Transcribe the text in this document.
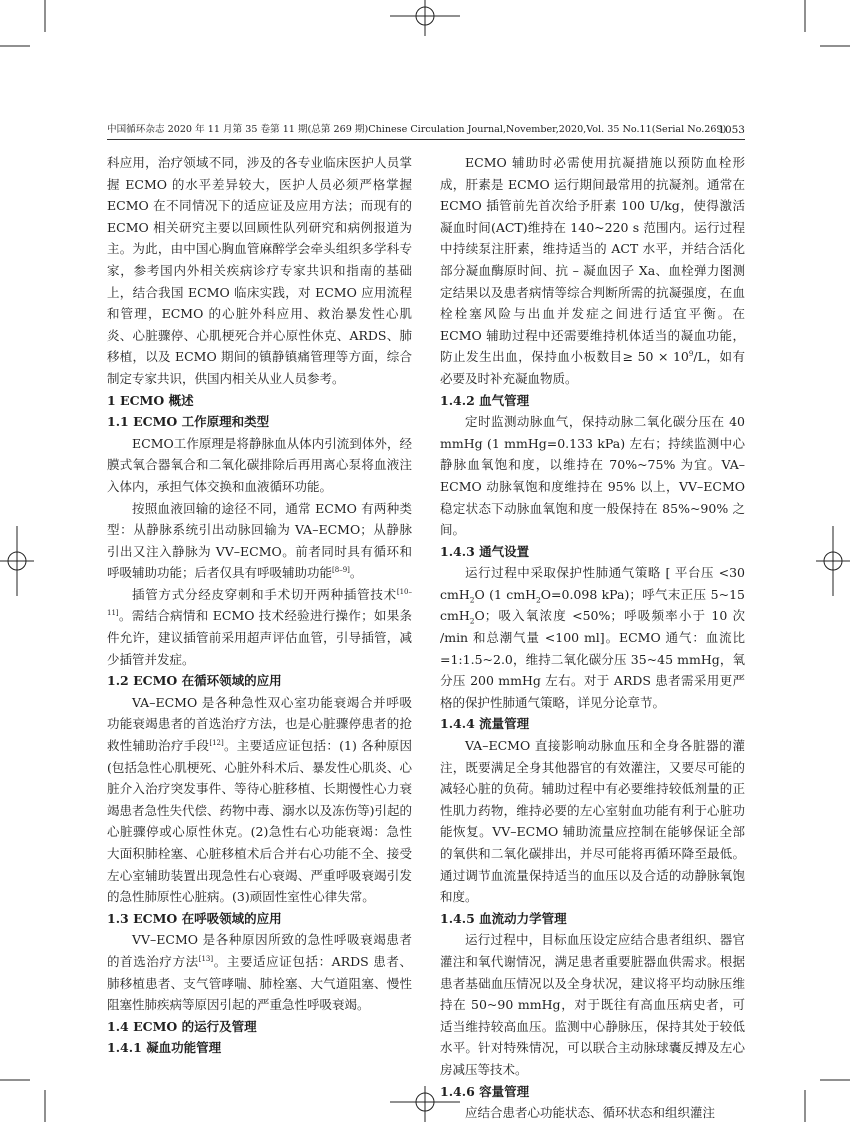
中国循环杂志 2020 年 11 月第 35 卷第 11 期(总第 269 期)Chinese Circulation Journal,November,2020,Vol. 35 No.11(Serial No.269)
1053

科应用，治疗领域不同，涉及的各专业临床医护人员掌握 ECMO 的水平差异较大，医护人员必须严格掌握 ECMO 在不同情况下的适应证及应用方法；而现有的 ECMO 相关研究主要以回顾性队列研究和病例报道为主。为此，由中国心胸血管麻醉学会牵头组织多学科专家，参考国内外相关疾病诊疗专家共识和指南的基础上，结合我国 ECMO 临床实践，对 ECMO 应用流程和管理，ECMO 的心脏外科应用、救治暴发性心肌炎、心脏骤停、心肌梗死合并心原性休克、ARDS、肺移植，以及 ECMO 期间的镇静镇痛管理等方面，综合制定专家共识，供国内相关从业人员参考。

1 ECMO 概述
1.1 ECMO 工作原理和类型

ECMO工作原理是将静脉血从体内引流到体外，经膜式氧合器氧合和二氧化碳排除后再用离心泵将血液注入体内，承担气体交换和血液循环功能。

按照血液回输的途径不同，通常 ECMO 有两种类型：从静脉系统引出动脉回输为 VA–ECMO；从静脉引出又注入静脉为 VV–ECMO。前者同时具有循环和呼吸辅助功能；后者仅具有呼吸辅助功能[8–9]。

插管方式分经皮穿刺和手术切开两种插管技术[10–11]。需结合病情和 ECMO 技术经验进行操作；如果条件允许，建议插管前采用超声评估血管，引导插管，减少插管并发症。

1.2 ECMO 在循环领域的应用

VA–ECMO 是各种急性双心室功能衰竭合并呼吸功能衰竭患者的首选治疗方法，也是心脏骤停患者的抢救性辅助治疗手段[12]。主要适应证包括：(1) 各种原因(包括急性心肌梗死、心脏外科术后、暴发性心肌炎、心脏介入治疗突发事件、等待心脏移植、长期慢性心力衰竭患者急性失代偿、药物中毒、溺水以及冻伤等)引起的心脏骤停或心原性休克。(2)急性右心功能衰竭：急性大面积肺栓塞、心脏移植术后合并右心功能不全、接受左心室辅助装置出现急性右心衰竭、严重呼吸衰竭引发的急性肺原性心脏病。(3)顽固性室性心律失常。

1.3 ECMO 在呼吸领域的应用

VV–ECMO 是各种原因所致的急性呼吸衰竭患者的首选治疗方法[13]。主要适应证包括：ARDS 患者、肺移植患者、支气管哮喘、肺栓塞、大气道阻塞、慢性阻塞性肺疾病等原因引起的严重急性呼吸衰竭。

1.4 ECMO 的运行及管理
1.4.1 凝血功能管理

ECMO 辅助时必需使用抗凝措施以预防血栓形成，肝素是 ECMO 运行期间最常用的抗凝剂。通常在 ECMO 插管前先首次给予肝素 100 U/kg，使得激活凝血时间(ACT)维持在 140~220 s 范围内。运行过程中持续泵注肝素，维持适当的 ACT 水平，并结合活化部分凝血酶原时间、抗 – 凝血因子 Xa、血栓弹力图测定结果以及患者病情等综合判断所需的抗凝强度，在血栓栓塞风险与出血并发症之间进行适宜平衡。在 ECMO 辅助过程中还需要维持机体适当的凝血功能，防止发生出血，保持血小板数目≥ $50 \times 10^9/L$，如有必要及时补充凝血物质。

1.4.2 血气管理

定时监测动脉血气，保持动脉二氧化碳分压在 40 mmHg (1 mmHg=0.133 kPa) 左右；持续监测中心静脉血氧饱和度，以维持在 70%~75% 为宜。VA–ECMO 动脉氧饱和度维持在 95% 以上，VV–ECMO 稳定状态下动脉血氧饱和度一般保持在 85%~90% 之间。

1.4.3 通气设置

运行过程中采取保护性肺通气策略 [ 平台压 <30 cmH$_2$O (1 cmH$_2$O=0.098 kPa)；呼气末正压 5~15 cmH$_2$O；吸入氧浓度 <50%；呼吸频率小于 10 次 /min 和总潮气量 <100 ml]。ECMO 通气：血流比 =1:1.5~2.0，维持二氧化碳分压 35~45 mmHg，氧分压 200 mmHg 左右。对于 ARDS 患者需采用更严格的保护性肺通气策略，详见分论章节。

1.4.4 流量管理

VA–ECMO 直接影响动脉血压和全身各脏器的灌注，既要满足全身其他器官的有效灌注，又要尽可能的减轻心脏的负荷。辅助过程中有必要维持较低剂量的正性肌力药物，维持必要的左心室射血功能有利于心脏功能恢复。VV–ECMO 辅助流量应控制在能够保证全部的氧供和二氧化碳排出，并尽可能将再循环降至最低。通过调节血流量保持适当的血压以及合适的动静脉氧饱和度。

1.4.5 血流动力学管理

运行过程中，目标血压设定应结合患者组织、器官灌注和氧代谢情况，满足患者重要脏器血供需求。根据患者基础血压情况以及全身状况，建议将平均动脉压维持在 50~90 mmHg，对于既往有高血压病史者，可适当维持较高血压。监测中心静脉压，保持其处于较低水平。针对特殊情况，可以联合主动脉球囊反搏及左心房减压等技术。

1.4.6 容量管理

应结合患者心功能状态、循环状态和组织灌注
